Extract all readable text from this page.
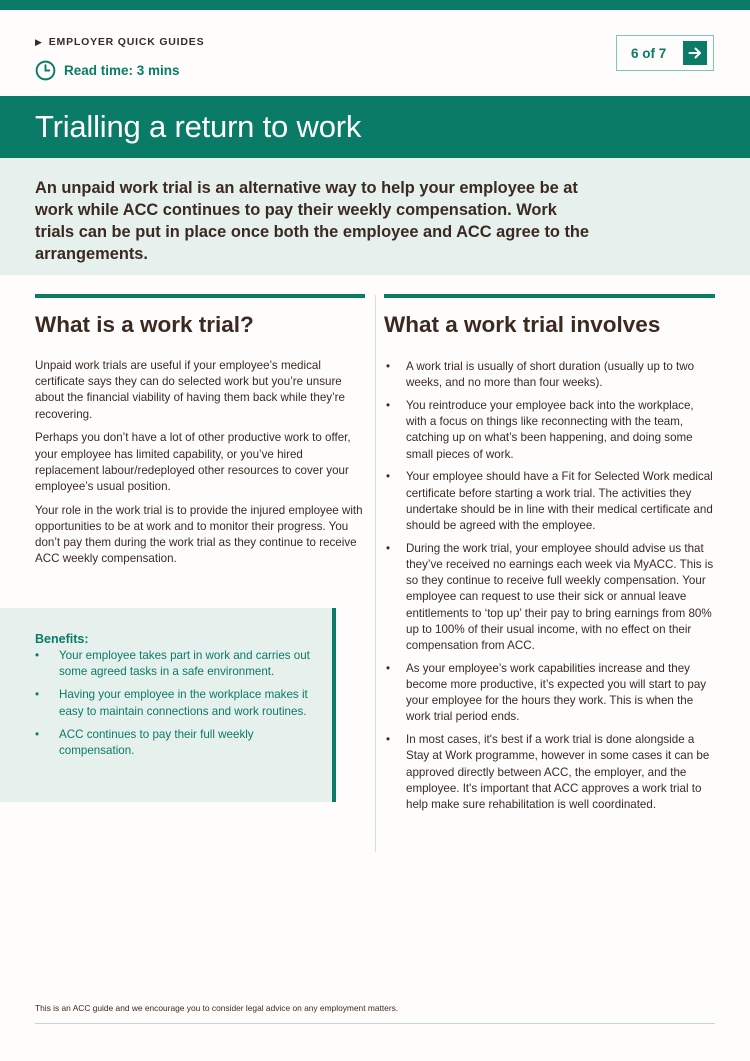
▶ EMPLOYER QUICK GUIDES
Read time: 3 mins
6 of 7
Trialling a return to work

An unpaid work trial is an alternative way to help your employee be at work while ACC continues to pay their weekly compensation. Work trials can be put in place once both the employee and ACC agree to the arrangements.

What is a work trial?	What a work trial involves

Unpaid work trials are useful if your employee’s medical certificate says they can do selected work but you’re unsure about the financial viability of having them back while they’re recovering.

Perhaps you don’t have a lot of other productive work to offer, your employee has limited capability, or you’ve hired replacement labour/redeployed other resources to cover your employee’s usual position.

Your role in the work trial is to provide the injured employee with opportunities to be at work and to monitor their progress. You don’t pay them during the work trial as they continue to receive ACC weekly compensation.

Benefits:
• Your employee takes part in work and carries out some agreed tasks in a safe environment.
• Having your employee in the workplace makes it easy to maintain connections and work routines.
• ACC continues to pay their full weekly compensation.
• A work trial is usually of short duration (usually up to two weeks, and no more than four weeks).
• You reintroduce your employee back into the workplace, with a focus on things like reconnecting with the team, catching up on what’s been happening, and doing some small pieces of work.
• Your employee should have a Fit for Selected Work medical certificate before starting a work trial. The activities they undertake should be in line with their medical certificate and should be agreed with the employee.
• During the work trial, your employee should advise us that they’ve received no earnings each week via MyACC. This is so they continue to receive full weekly compensation. Your employee can request to use their sick or annual leave entitlements to ‘top up’ their pay to bring earnings from 80% up to 100% of their usual income, with no effect on their compensation from ACC.
• As your employee’s work capabilities increase and they become more productive, it’s expected you will start to pay your employee for the hours they work. This is when the work trial period ends.
• In most cases, it's best if a work trial is done alongside a Stay at Work programme, however in some cases it can be approved directly between ACC, the employer, and the employee. It's important that ACC approves a work trial to help make sure rehabilitation is well coordinated.
This is an ACC guide and we encourage you to consider legal advice on any employment matters.
